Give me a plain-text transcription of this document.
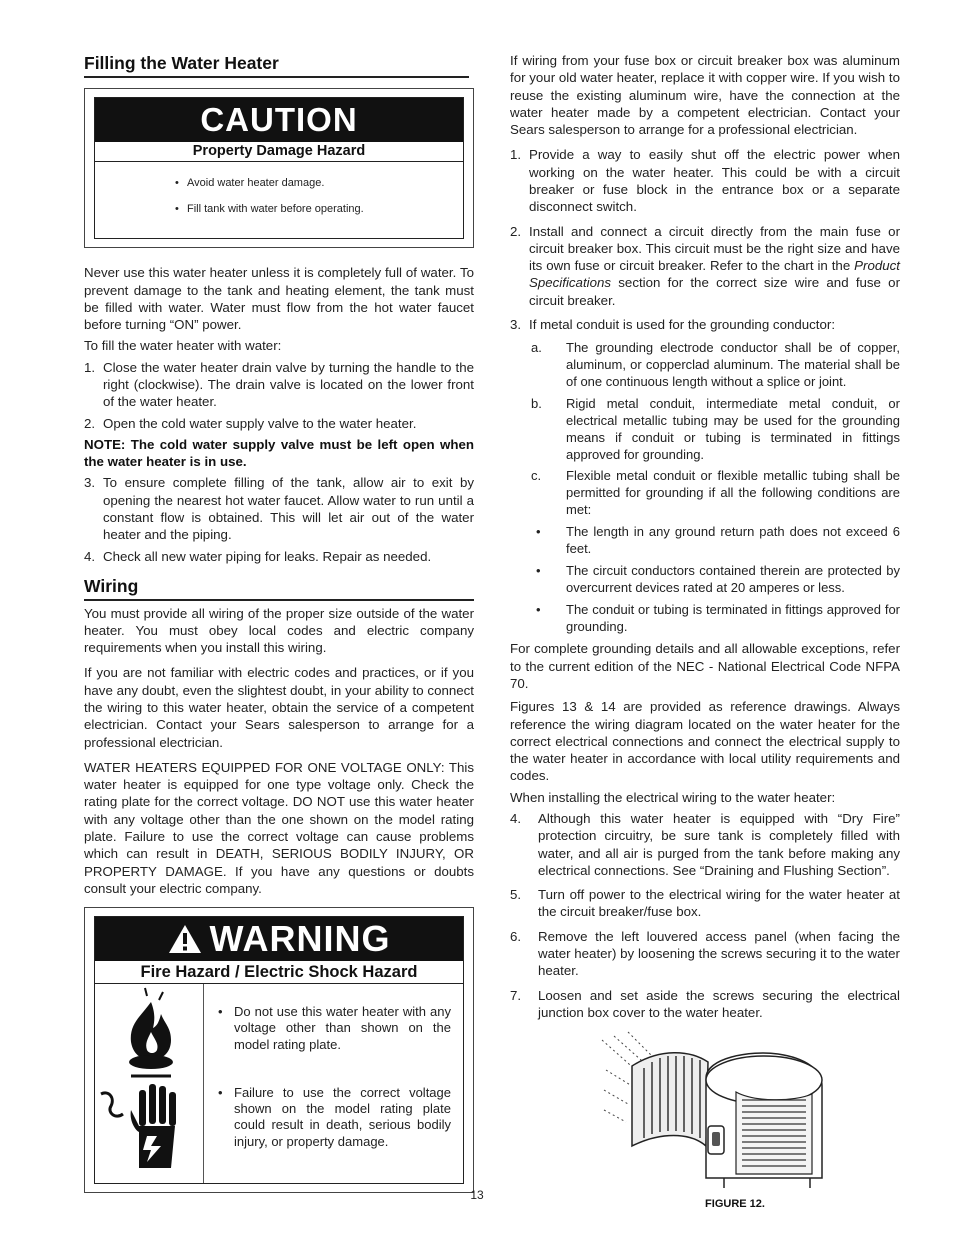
Filling the Water Heater
CAUTION
Property Damage Hazard
• Avoid water heater damage.
• Fill tank with water before operating.

Never use this water heater unless it is completely full of water. To prevent damage to the tank and heating element, the tank must be filled with water. Water must flow from the hot water faucet before turning “ON” power.

To fill the water heater with water:

1. Close the water heater drain valve by turning the handle to the right (clockwise). The drain valve is located on the lower front of the water heater.
2. Open the cold water supply valve to the water heater.

NOTE: The cold water supply valve must be left open when the water heater is in use.

3. To ensure complete filling of the tank, allow air to exit by opening the nearest hot water faucet. Allow water to run until a constant flow is obtained. This will let air out of the water heater and the piping.
4. Check all new water piping for leaks. Repair as needed.
Wiring

You must provide all wiring of the proper size outside of the water heater. You must obey local codes and electric company requirements when you install this wiring.

If you are not familiar with electric codes and practices, or if you have any doubt, even the slightest doubt, in your ability to connect the wiring to this water heater, obtain the service of a competent electrician. Contact your Sears salesperson to arrange for a professional electrician.

WATER HEATERS EQUIPPED FOR ONE VOLTAGE ONLY: This water heater is equipped for one type voltage only. Check the rating plate for the correct voltage. DO NOT use this water heater with any voltage other than the one shown on the model rating plate. Failure to use the correct voltage can cause problems which can result in DEATH, SERIOUS BODILY INJURY, OR PROPERTY DAMAGE. If you have any questions or doubts consult your electric company.

WARNING
Fire Hazard / Electric Shock Hazard
• Do not use this water heater with any voltage other than shown on the model rating plate.
• Failure to use the correct voltage shown on the model rating plate could result in death, serious bodily injury, or property damage.

If wiring from your fuse box or circuit breaker box was aluminum for your old water heater, replace it with copper wire. If you wish to reuse the existing aluminum wire, have the connection at the water heater made by a competent electrician. Contact your Sears salesperson to arrange for a professional electrician.

1. Provide a way to easily shut off the electric power when working on the water heater. This could be with a circuit breaker or fuse block in the entrance box or a separate disconnect switch.
2. Install and connect a circuit directly from the main fuse or circuit breaker box. This circuit must be the right size and have its own fuse or circuit breaker. Refer to the chart in the Product Specifications section for the correct size wire and fuse or circuit breaker.
3. If metal conduit is used for the grounding conductor:
a. The grounding electrode conductor shall be of copper, aluminum, or copperclad aluminum. The material shall be of one continuous length without a splice or joint.
b. Rigid metal conduit, intermediate metal conduit, or electrical metallic tubing may be used for the grounding means if conduit or tubing is terminated in fittings approved for grounding.
c. Flexible metal conduit or flexible metallic tubing shall be permitted for grounding if all the following conditions are met:
• The length in any ground return path does not exceed 6 feet.
• The circuit conductors contained therein are protected by overcurrent devices rated at 20 amperes or less.
• The conduit or tubing is terminated in fittings approved for grounding.

For complete grounding details and all allowable exceptions, refer to the current edition of the NEC - National Electrical Code NFPA 70.

Figures 13 & 14 are provided as reference drawings. Always reference the wiring diagram located on the water heater for the correct electrical connections and connect the electrical supply to the water heater in accordance with local utility requirements and codes.

When installing the electrical wiring to the water heater:

4. Although this water heater is equipped with “Dry Fire” protection circuitry, be sure tank is completely filled with water, and all air is purged from the tank before making any electrical connections. See “Draining and Flushing Section”.
5. Turn off power to the electrical wiring for the water heater at the circuit breaker/fuse box.
6. Remove the left louvered access panel (when facing the water heater) by loosening the screws securing it to the water heater.
7. Loosen and set aside the screws securing the electrical junction box cover to the water heater.
FIGURE 12.
13
